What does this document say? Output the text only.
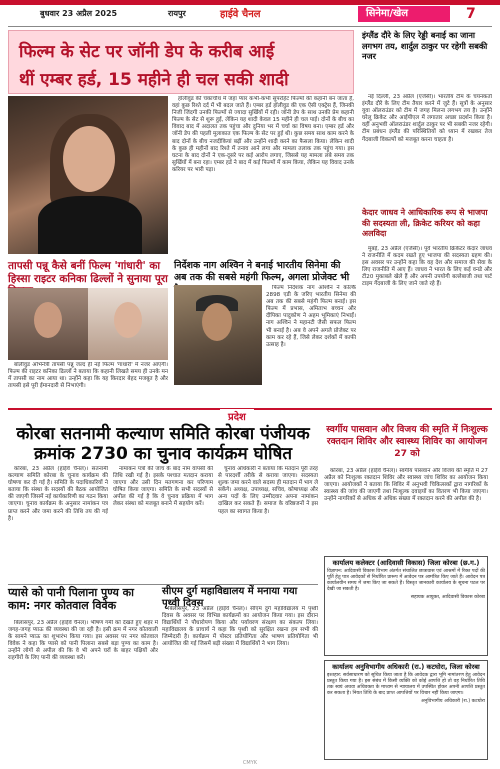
बुधवार 23 अप्रैल 2025	रायपुर	हाईवे चैनल	सिनेमा/खेल	7
फिल्म के सेट पर जॉनी डेप के करीब आई
थीं एम्बर हर्ड, 15 महीने ही चल सकी शादी

हॉलीवुड की चकाचौंध में जहां प्यार कभी-कभी सुपरहिट फिल्मों की कहानी बन जाता है, वहां कुछ रिश्ते दर्द में भी बदल जाते हैं। एम्बर हर्ड हॉलीवुड की एक ऐसी एक्ट्रेस हैं, जिनकी निजी जिंदगी उनकी फिल्मों से ज्यादा सुर्खियों में रही। जॉनी डेप के साथ उनकी प्रेम कहानी फिल्म के सेट से शुरू हुई, लेकिन यह शादी केवल 15 महीने ही चल पाई। दोनों के बीच का विवाद बाद में अदालत तक पहुंचा और दुनिया भर में चर्चा का विषय बना। एम्बर हर्ड और जॉनी डेप की पहली मुलाकात एक फिल्म के सेट पर हुई थी। कुछ समय साथ काम करने के बाद दोनों के बीच नजदीकियां बढ़ीं और उन्होंने शादी करने का फैसला किया। लेकिन शादी के कुछ ही महीनों बाद रिश्ते में तनाव आने लगा और मामला तलाक तक पहुंच गया। इस घटना के बाद दोनों ने एक-दूसरे पर कई आरोप लगाए, जिससे यह मामला लंबे समय तक सुर्खियों में बना रहा। एम्बर हर्ड ने बाद में कई फिल्मों में काम किया, लेकिन यह विवाद उनके करियर पर भारी पड़ा।

इंग्लैंड दौरे के लिए रेड्डी बनाई का जाना लगभग तय, शार्दुल ठाकुर पर रहेगी सबकी नजर

नई दिल्ली, 23 अप्रैल (एजेंसी)। भारतीय टीम के चयनकर्ता इंग्लैंड दौरे के लिए टीम तैयार करने में जुटे हैं। सूत्रों के अनुसार युवा ऑलराउंडर को टीम में जगह मिलना लगभग तय है। उन्होंने घरेलू क्रिकेट और आईपीएल में लगातार अच्छा प्रदर्शन किया है। वहीं अनुभवी ऑलराउंडर शार्दुल ठाकुर पर भी सबकी नजर रहेगी। टीम प्रबंधन इंग्लैंड की परिस्थितियों को ध्यान में रखकर तेज गेंदबाजी विकल्पों को मजबूत करना चाहता है।

केदार जाधव ने आधिकारिक रूप से भाजपा की सदस्यता ली, क्रिकेट करियर को कहा अलविदा

मुंबई, 23 अप्रैल (एजेंसी)। पूर्व भारतीय क्रिकेटर केदार जाधव ने राजनीति में कदम रखते हुए भाजपा की सदस्यता ग्रहण की। इस अवसर पर उन्होंने कहा कि वह देश और समाज की सेवा के लिए राजनीति में आए हैं। जाधव ने भारत के लिए कई वनडे और टी20 मुकाबले खेले हैं और अपनी उपयोगी बल्लेबाजी तथा पार्ट टाइम गेंदबाजी के लिए जाने जाते रहे हैं।

तापसी पन्नू कैसे बनीं फिल्म 'गांधारी' का हिस्सा राइटर कनिका ढिल्लों ने सुनाया पूरा

बॉलीवुड अभिनेत्री तापसी पन्नू जल्द ही नई फिल्म 'गांधारी' में नजर आएंगी। फिल्म की राइटर कनिका ढिल्लों ने बताया कि कहानी लिखते समय ही उनके मन में तापसी का नाम आया था। उन्होंने कहा कि यह किरदार बेहद मजबूत है और तापसी इसे पूरी ईमानदारी से निभाएंगी।

निर्देशक नाग अश्विन ने बनाई भारतीय सिनेमा की अब तक की सबसे महंगी फिल्म, अगला प्रोजेक्ट भी

फिल्म निर्देशक नाग अश्विन ने कल्कि 2898 एडी के जरिए भारतीय सिनेमा की अब तक की सबसे महंगी फिल्म बनाई। इस फिल्म में प्रभास, अमिताभ बच्चन और दीपिका पादुकोण ने अहम भूमिकाएं निभाईं। नाग अश्विन ने महानटी जैसी सफल फिल्म भी बनाई है। अब वे अपने अगले प्रोजेक्ट पर काम कर रहे हैं, जिसे लेकर दर्शकों में काफी उत्साह है।

प्रदेश
कोरबा सतनामी कल्याण समिति कोरबा पंजीयक क्रमांक 2730 का चुनाव कार्यक्रम घोषित

कोरबा, 23 अप्रैल (हाईवे चैनल)। सतनामी कल्याण समिति कोरबा के चुनाव कार्यक्रम की घोषणा कर दी गई है। समिति के पदाधिकारियों ने बताया कि संस्था के सदस्यों की बैठक आयोजित की जाएगी जिसमें नई कार्यकारिणी का गठन किया जाएगा। चुनाव कार्यक्रम के अनुसार नामांकन पत्र प्राप्त करने और जमा करने की तिथि तय की गई है।

नामांकन पत्रों की जांच के बाद नाम वापसी की तिथि रखी गई है। इसके पश्चात मतदान कराया जाएगा और उसी दिन मतगणना कर परिणाम घोषित किया जाएगा। समिति के सभी सदस्यों से अपील की गई है कि वे चुनाव प्रक्रिया में भाग लेकर संस्था को मजबूत बनाने में सहयोग करें।

चुनाव अधिकारी ने बताया कि मतदान पूरी तरह से पारदर्शी तरीके से कराया जाएगा। सदस्यता शुल्क जमा करने वाले सदस्य ही मतदान में भाग ले सकेंगे। अध्यक्ष, उपाध्यक्ष, सचिव, कोषाध्यक्ष और अन्य पदों के लिए उम्मीदवार अपना नामांकन दाखिल कर सकते हैं। समाज के वरिष्ठजनों ने इस पहल का स्वागत किया है।

स्वर्गीय पासवान और विजय की स्मृति में निःशुल्क रक्तदान शिविर और स्वास्थ्य शिविर का आयोजन 27 को

कोरबा, 23 अप्रैल (हाईवे चैनल)। स्वर्गीय पासवान और विजय की स्मृति में 27 अप्रैल को निःशुल्क रक्तदान शिविर और स्वास्थ्य जांच शिविर का आयोजन किया जाएगा। आयोजकों ने बताया कि शिविर में अनुभवी चिकित्सकों द्वारा नागरिकों के स्वास्थ्य की जांच की जाएगी तथा निःशुल्क दवाइयों का वितरण भी किया जाएगा। उन्होंने नागरिकों से अधिक से अधिक संख्या में रक्तदान करने की अपील की है।

कार्यालय कलेक्टर (आदिवासी विकास) जिला कोरबा (छ.ग.)
विज्ञापन: आदिवासी विकास विभाग अंतर्गत संचालित छात्रावास एवं आश्रमों में रिक्त पदों की पूर्ति हेतु पात्र आवेदकों से निर्धारित प्रारूप में आवेदन पत्र आमंत्रित किए जाते हैं। आवेदन पत्र कार्यालयीन समय में जमा किए जा सकते हैं। विस्तृत जानकारी कार्यालय के सूचना पटल पर देखी जा सकती है।
सहायक आयुक्त, आदिवासी विकास कोरबा
कार्यालय अनुविभागीय अधिकारी (रा.) कटघोरा, जिला कोरबा
इश्तहार: सर्वसाधारण को सूचित किया जाता है कि आवेदक द्वारा भूमि नामांतरण हेतु आवेदन प्रस्तुत किया गया है। इस संबंध में किसी व्यक्ति को कोई आपत्ति हो तो वह निर्धारित तिथि तक स्वयं अथवा अधिवक्ता के माध्यम से न्यायालय में उपस्थित होकर अपनी आपत्ति प्रस्तुत कर सकता है। नियत तिथि के बाद प्राप्त आपत्तियों पर विचार नहीं किया जाएगा।
अनुविभागीय अधिकारी (रा.) कटघोरा
प्यासे को पानी पिलाना पुण्य का काम: नगर कोतवाल विवेक

बिलासपुर, 23 अप्रैल (हाईवे चैनल)। भीषण गर्मी को देखते हुए शहर में जगह-जगह प्याऊ की व्यवस्था की जा रही है। इसी क्रम में नगर कोतवाली के सामने प्याऊ का शुभारंभ किया गया। इस अवसर पर नगर कोतवाल विवेक ने कहा कि प्यासे को पानी पिलाना सबसे बड़ा पुण्य का काम है। उन्होंने लोगों से अपील की कि वे भी अपने घरों के बाहर पक्षियों और राहगीरों के लिए पानी की व्यवस्था करें।

सीएम दुर्ग महाविद्यालय में मनाया गया पृथ्वी दिवस

बिलासपुर, 23 अप्रैल (हाईवे चैनल)। सीएम दुर्ग महाविद्यालय में पृथ्वी दिवस के अवसर पर विभिन्न कार्यक्रमों का आयोजन किया गया। इस दौरान विद्यार्थियों ने पौधारोपण किया और पर्यावरण संरक्षण का संकल्प लिया। महाविद्यालय के प्राचार्य ने कहा कि पृथ्वी को सुरक्षित रखना हम सभी की जिम्मेदारी है। कार्यक्रम में पोस्टर प्रतियोगिता और भाषण प्रतियोगिता भी आयोजित की गई जिसमें बड़ी संख्या में विद्यार्थियों ने भाग लिया।

CMYK
